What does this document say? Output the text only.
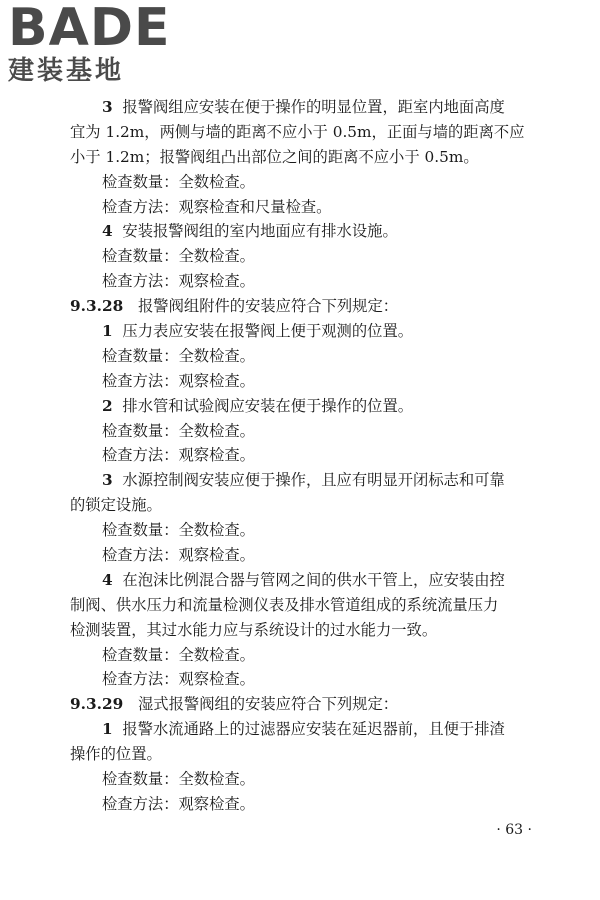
BADE
建装基地
3 报警阀组应安装在便于操作的明显位置，距室内地面高度
宜为 1.2m，两侧与墙的距离不应小于 0.5m，正面与墙的距离不应
小于 1.2m；报警阀组凸出部位之间的距离不应小于 0.5m。
检查数量：全数检查。
检查方法：观察检查和尺量检查。
4 安装报警阀组的室内地面应有排水设施。
检查数量：全数检查。
检查方法：观察检查。
9.3.28 报警阀组附件的安装应符合下列规定：
1 压力表应安装在报警阀上便于观测的位置。
检查数量：全数检查。
检查方法：观察检查。
2 排水管和试验阀应安装在便于操作的位置。
检查数量：全数检查。
检查方法：观察检查。
3 水源控制阀安装应便于操作，且应有明显开闭标志和可靠
的锁定设施。
检查数量：全数检查。
检查方法：观察检查。
4 在泡沫比例混合器与管网之间的供水干管上，应安装由控
制阀、供水压力和流量检测仪表及排水管道组成的系统流量压力
检测装置，其过水能力应与系统设计的过水能力一致。
检查数量：全数检查。
检查方法：观察检查。
9.3.29 湿式报警阀组的安装应符合下列规定：
1 报警水流通路上的过滤器应安装在延迟器前，且便于排渣
操作的位置。
检查数量：全数检查。
检查方法：观察检查。
· 63 ·
